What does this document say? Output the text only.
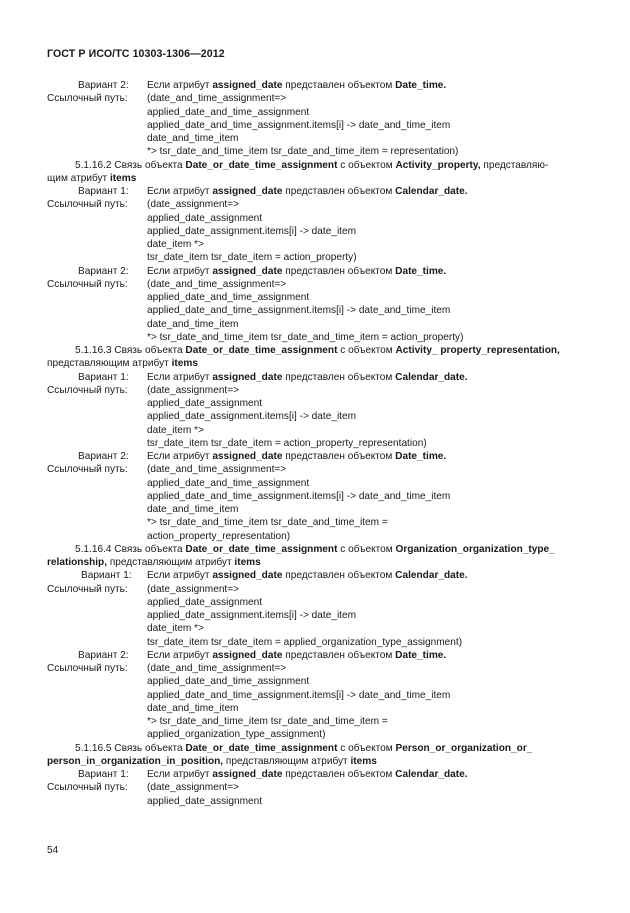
ГОСТ Р ИСО/ТС 10303-1306—2012
Вариант 2:	Если атрибут assigned_date представлен объектом Date_time.
Ссылочный путь:	(date_and_time_assignment=>
applied_date_and_time_assignment
applied_date_and_time_assignment.items[i] -> date_and_time_item
date_and_time_item
*> tsr_date_and_time_item tsr_date_and_time_item = representation)
5.1.16.2 Связь объекта Date_or_date_time_assignment с объектом Activity_property, представляю-
щим атрибут items
Вариант 1:	Если атрибут assigned_date представлен объектом Calendar_date.
Ссылочный путь:	(date_assignment=>
applied_date_assignment
applied_date_assignment.items[i] -> date_item
date_item *>
tsr_date_item tsr_date_item = action_property)
Вариант 2:	Если атрибут assigned_date представлен объектом Date_time.
Ссылочный путь:	(date_and_time_assignment=>
applied_date_and_time_assignment
applied_date_and_time_assignment.items[i] -> date_and_time_item
date_and_time_item
*> tsr_date_and_time_item tsr_date_and_time_item = action_property)
5.1.16.3 Связь объекта Date_or_date_time_assignment с объектом Activity_ property_representation,
представляющим атрибут items
Вариант 1:	Если атрибут assigned_date представлен объектом Calendar_date.
Ссылочный путь:	(date_assignment=>
applied_date_assignment
applied_date_assignment.items[i] -> date_item
date_item *>
tsr_date_item tsr_date_item = action_property_representation)
Вариант 2:	Если атрибут assigned_date представлен объектом Date_time.
Ссылочный путь:	(date_and_time_assignment=>
applied_date_and_time_assignment
applied_date_and_time_assignment.items[i] -> date_and_time_item
date_and_time_item
*> tsr_date_and_time_item tsr_date_and_time_item =
action_property_representation)
5.1.16.4 Связь объекта Date_or_date_time_assignment с объектом Organization_organization_type_
relationship, представляющим атрибут items
Вариант 1:	Если атрибут assigned_date представлен объектом Calendar_date.
Ссылочный путь:	(date_assignment=>
applied_date_assignment
applied_date_assignment.items[i] -> date_item
date_item *>
tsr_date_item tsr_date_item = applied_organization_type_assignment)
Вариант 2:	Если атрибут assigned_date представлен объектом Date_time.
Ссылочный путь:	(date_and_time_assignment=>
applied_date_and_time_assignment
applied_date_and_time_assignment.items[i] -> date_and_time_item
date_and_time_item
*> tsr_date_and_time_item tsr_date_and_time_item =
applied_organization_type_assignment)
5.1.16.5 Связь объекта Date_or_date_time_assignment с объектом Person_or_organization_or_
person_in_organization_in_position, представляющим атрибут items
Вариант 1:	Если атрибут assigned_date представлен объектом Calendar_date.
Ссылочный путь:	(date_assignment=>
applied_date_assignment
54
